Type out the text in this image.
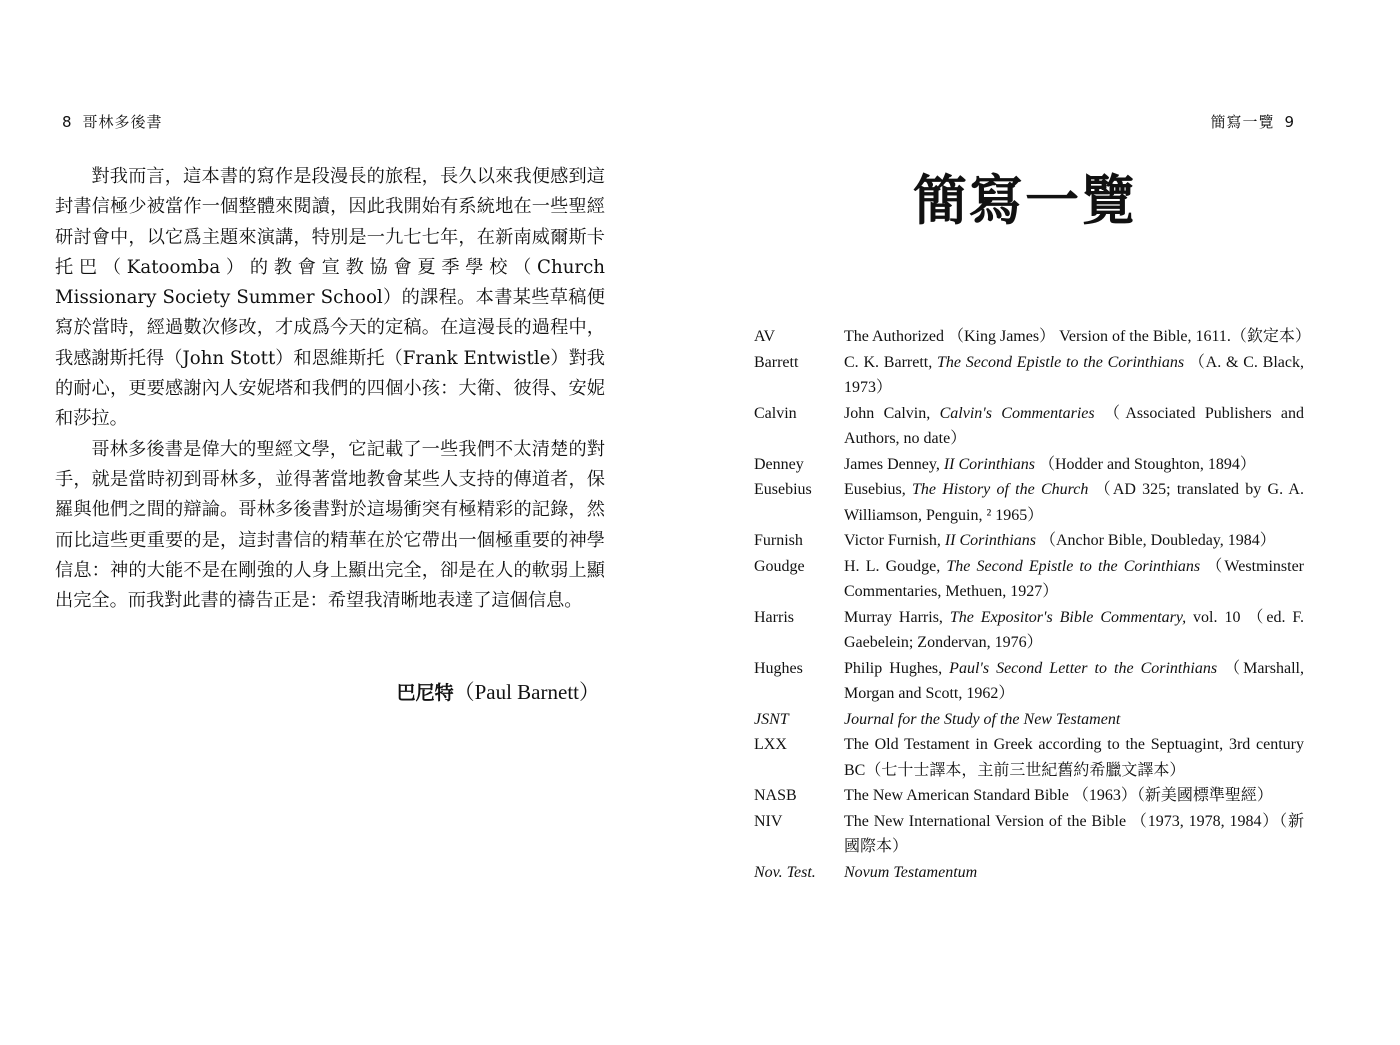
8 哥林多後書

對我而言，這本書的寫作是段漫長的旅程，長久以來我便感到這封書信極少被當作一個整體來閱讀，因此我開始有系統地在一些聖經研討會中，以它爲主題來演講，特別是一九七七年，在新南威爾斯卡托巴（Katoomba）的教會宣教協會夏季學校（Church Missionary Society Summer School）的課程。本書某些草稿便寫於當時，經過數次修改，才成爲今天的定稿。在這漫長的過程中，我感謝斯托得（John Stott）和恩維斯托（Frank Entwistle）對我的耐心，更要感謝內人安妮塔和我們的四個小孩：大衛、彼得、安妮和莎拉。

哥林多後書是偉大的聖經文學，它記載了一些我們不太清楚的對手，就是當時初到哥林多，並得著當地教會某些人支持的傳道者，保羅與他們之間的辯論。哥林多後書對於這場衝突有極精彩的記錄，然而比這些更重要的是，這封書信的精華在於它帶出一個極重要的神學信息：神的大能不是在剛強的人身上顯出完全，卻是在人的軟弱上顯出完全。而我對此書的禱告正是：希望我清晰地表達了這個信息。

巴尼特（Paul Barnett）
簡寫一覽 9
簡寫一覽
AV	The Authorized （King James） Version of the Bible, 1611.（欽定本）
Barrett	C. K. Barrett, The Second Epistle to the Corinthians （A. & C. Black, 1973）
Calvin	John Calvin, Calvin's Commentaries （Associated Publishers and Authors, no date）
Denney	James Denney, II Corinthians （Hodder and Stoughton, 1894）
Eusebius	Eusebius, The History of the Church （AD 325; translated by G. A. Williamson, Penguin, ² 1965）
Furnish	Victor Furnish, II Corinthians （Anchor Bible, Doubleday, 1984）
Goudge	H. L. Goudge, The Second Epistle to the Corinthians （Westminster Commentaries, Methuen, 1927）
Harris	Murray Harris, The Expositor's Bible Commentary, vol. 10 （ed. F. Gaebelein; Zondervan, 1976）
Hughes	Philip Hughes, Paul's Second Letter to the Corinthians （Marshall, Morgan and Scott, 1962）
JSNT	Journal for the Study of the New Testament
LXX	The Old Testament in Greek according to the Septuagint, 3rd century BC（七十士譯本，主前三世紀舊約希臘文譯本）
NASB	The New American Standard Bible （1963）（新美國標準聖經）
NIV	The New International Version of the Bible （1973, 1978, 1984）（新國際本）
Nov. Test.	Novum Testamentum
